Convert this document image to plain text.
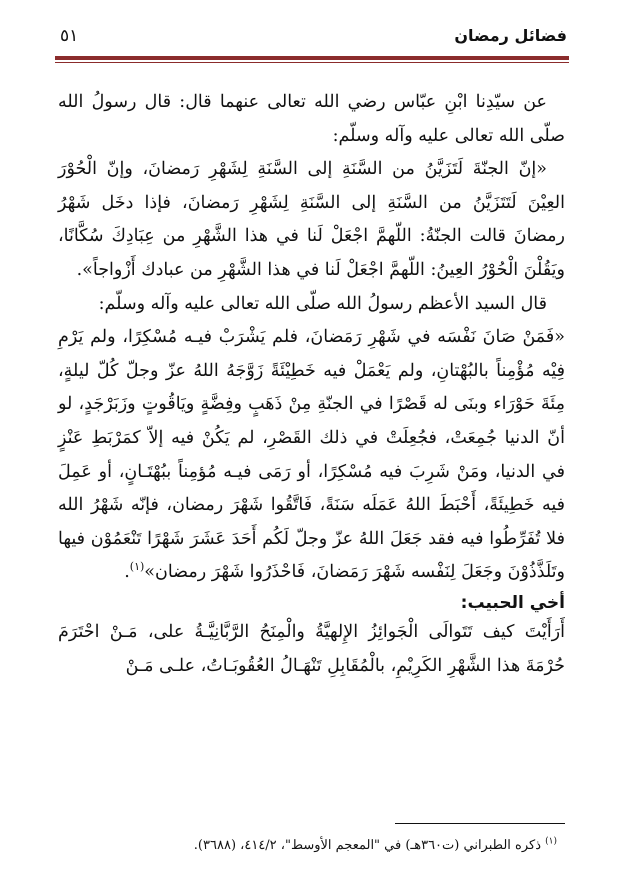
فضائل رمضان
٥١

عن سيّدِنا ابْنِ عبّاس رضي الله تعالى عنهما قال: قال رسولُ الله صلّى الله تعالى عليه وآله وسلّم:

«إنّ الجنّةَ لَتَزَيَّنُ من السَّنَةِ إلى السَّنَةِ لِشَهْرِ رَمضانَ، وإنّ الْحُوْرَ العِيْنَ لَتَتَزَيَّنُ من السَّنَةِ إلى السَّنَةِ لِشَهْرِ رَمضانَ، فإذا دخَل شَهْرُ رمضانَ قالت الجنّةُ: اللّهمَّ اجْعَلْ لَنا في هذا الشَّهْرِ من عِبَادِكَ سُكَّانًا، ويَقُلْنَ الْحُوْرُ العِينُ: اللّهمَّ اجْعَلْ لَنا في هذا الشَّهْرِ من عبادك أَزْواجاً».

قال السيد الأعظم رسولُ الله صلّى الله تعالى عليه وآله وسلّم:

«فَمَنْ صَانَ نَفْسَه في شَهْرِ رَمَضانَ، فلم يَشْرَبْ فيـه مُسْكِرًا، ولم يَرْمِ فِيْه مُؤْمِناً بالبُهْتانِ، ولم يَعْمَلْ فيه خَطِيْئَةً زَوَّجَهُ اللهُ عزّ وجلّ كُلّ ليلةٍ، مِئَةَ حَوْرَاء وبنَى له قَصْرًا في الجنّةِ مِنْ ذَهَبٍ وفِضَّةٍ ويَاقُوتٍ وزَبَرْجَدٍ، لو أنّ الدنيا جُمِعَتْ، فجُعِلَتْ في ذلك القَصْرِ، لم يَكُنْ فيه إلاّ كمَرْبَطِ عَنْزٍ في الدنيا، ومَنْ شَرِبَ فيه مُسْكِرًا، أو رَمَى فيـه مُؤمِناً ببُهْتَـانٍ، أو عَمِلَ فيه خَطِيئَةً، أَحْبَطَ اللهُ عَمَلَه سَنَةً، فَاتَّقُوا شَهْرَ رمضان، فإنّه شَهْرُ الله فلا تُفَرِّطُوا فيه فقد جَعَلَ اللهُ عزّ وجلّ لَكُم أَحَدَ عَشَرَ شَهْرًا تَنْعَمُوْن فيها وتَلَذَّذُوْنَ وجَعَلَ لِنَفْسه شَهْرَ رَمَضانَ، فَاحْذَرُوا شَهْرَ رمضان»$^{(١)}$.

أخي الحبيب:

أَرَأَيْتَ كيف تَتَوالَى الْجَوائِزُ الإِلهيَّةُ والْمِنَحُ الرَّبَّانِيَّـةُ على، مَـنْ احْتَرَمَ حُرْمَةَ هذا الشَّهْرِ الكَرِيْمِ، بالْمُقَابِلِ تَنْهَـالُ العُقُوبَـاتُ، علـى مَـنْ

$^{(١)}$ ذكره الطبراني (ت٣٦٠هـ) في "المعجم الأوسط"، ٤١٤/٢، (٣٦٨٨).
